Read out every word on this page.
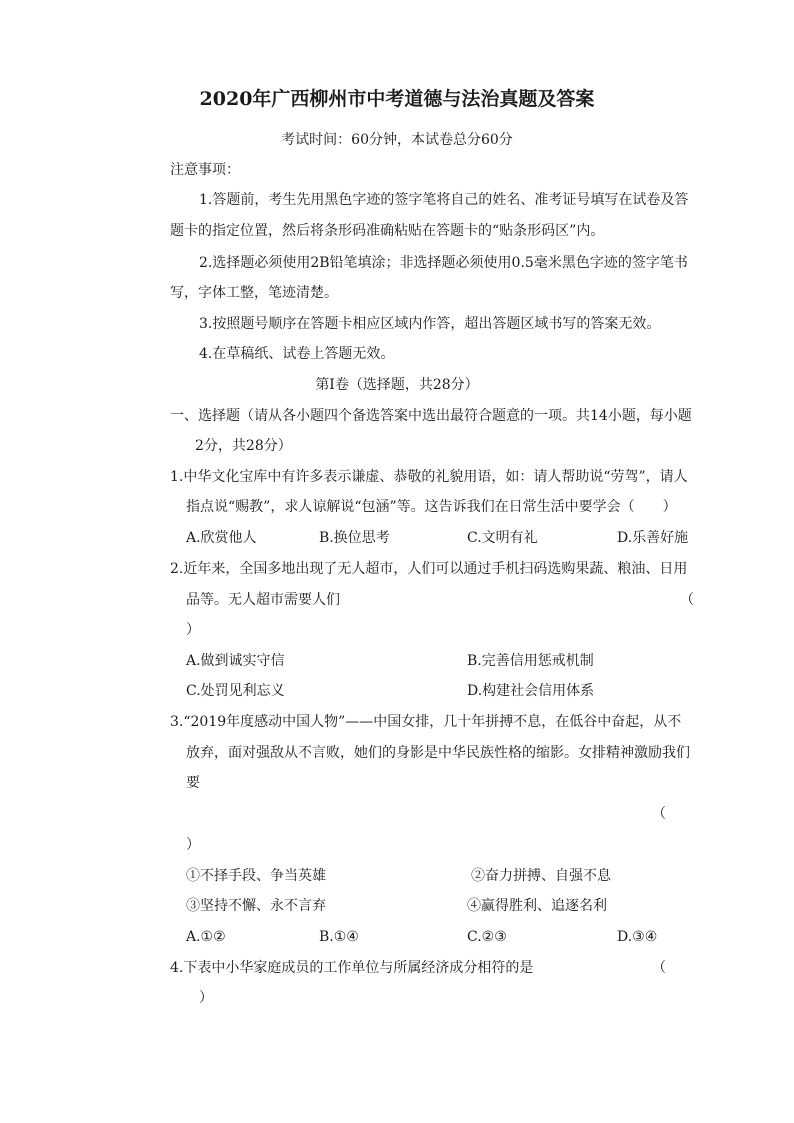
2020年广西柳州市中考道德与法治真题及答案
考试时间：60分钟，本试卷总分60分
注意事项：
1.答题前，考生先用黑色字迹的签字笔将自己的姓名、准考证号填写在试卷及答
题卡的指定位置，然后将条形码准确粘贴在答题卡的“贴条形码区”内。
2.选择题必须使用2B铅笔填涂；非选择题必须使用0.5毫米黑色字迹的签字笔书
写，字体工整，笔迹清楚。
3.按照题号顺序在答题卡相应区域内作答，超出答题区域书写的答案无效。
4.在草稿纸、试卷上答题无效。
第Ⅰ卷（选择题，共28分）
一、选择题（请从各小题四个备选答案中选出最符合题意的一项。共14小题，每小题
2分，共28分）
1.中华文化宝库中有许多表示谦虚、恭敬的礼貌用语，如：请人帮助说“劳驾”，请人
指点说“赐教”，求人谅解说“包涵”等。这告诉我们在日常生活中要学会（　　）
A.欣赏他人	B.换位思考	C.文明有礼	D.乐善好施
2.近年来，全国多地出现了无人超市，人们可以通过手机扫码选购果蔬、粮油、日用
品等。无人超市需要人们	（
）
A.做到诚实守信	B.完善信用惩戒机制
C.处罚见利忘义	D.构建社会信用体系
3.“2019年度感动中国人物”——中国女排，几十年拼搏不息，在低谷中奋起，从不
放弃，面对强敌从不言败，她们的身影是中华民族性格的缩影。女排精神激励我们
要
（
）
①不择手段、争当英雄	②奋力拼搏、自强不息
③坚持不懈、永不言弃	④赢得胜利、追逐名利
A.①②	B.①④	C.②③	D.③④
4.下表中小华家庭成员的工作单位与所属经济成分相符的是	（
）
